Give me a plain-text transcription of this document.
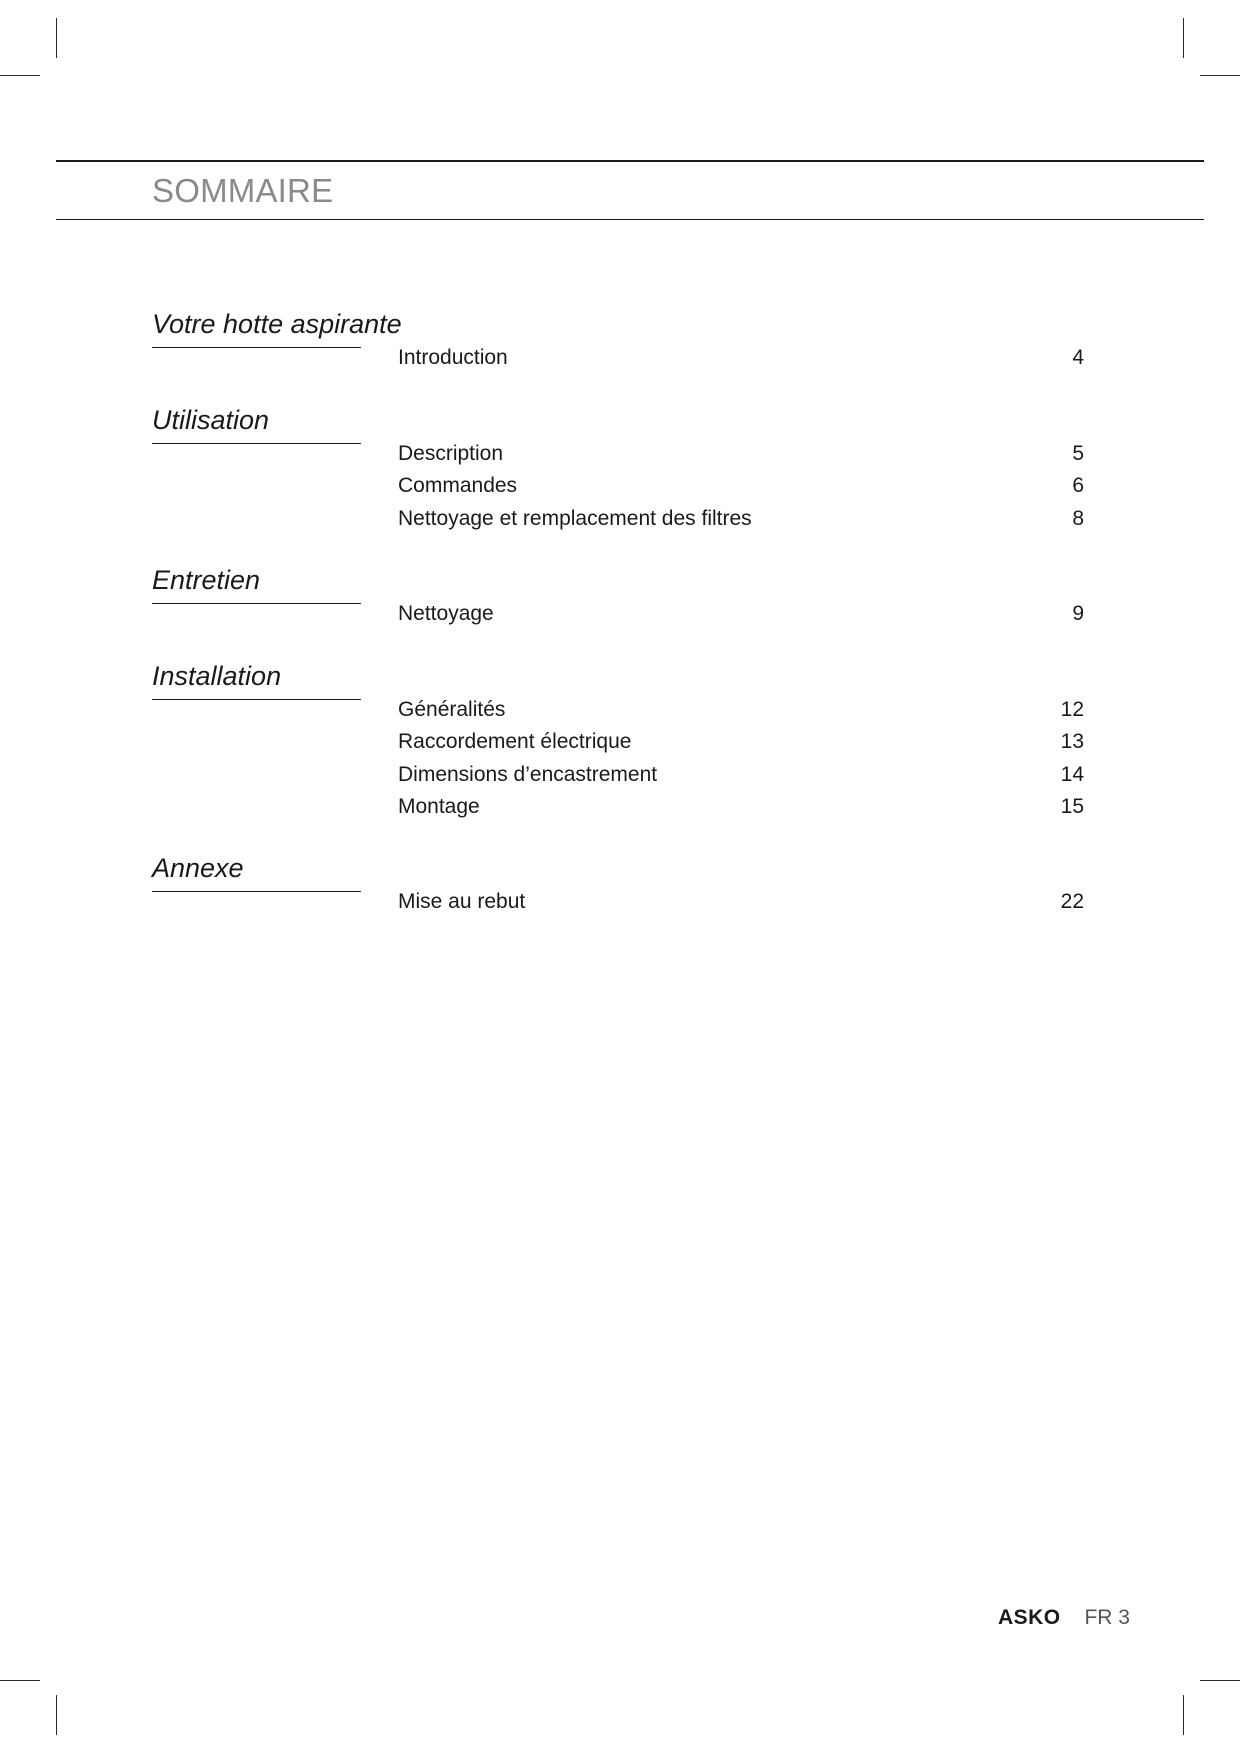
SOMMAIRE
Votre hotte aspirante
Introduction	4
Utilisation
Description	5
Commandes	6
Nettoyage et remplacement des filtres	8
Entretien
Nettoyage	9
Installation
Généralités	12
Raccordement électrique	13
Dimensions d’encastrement	14
Montage	15
Annexe
Mise au rebut	22
ASKO FR 3
